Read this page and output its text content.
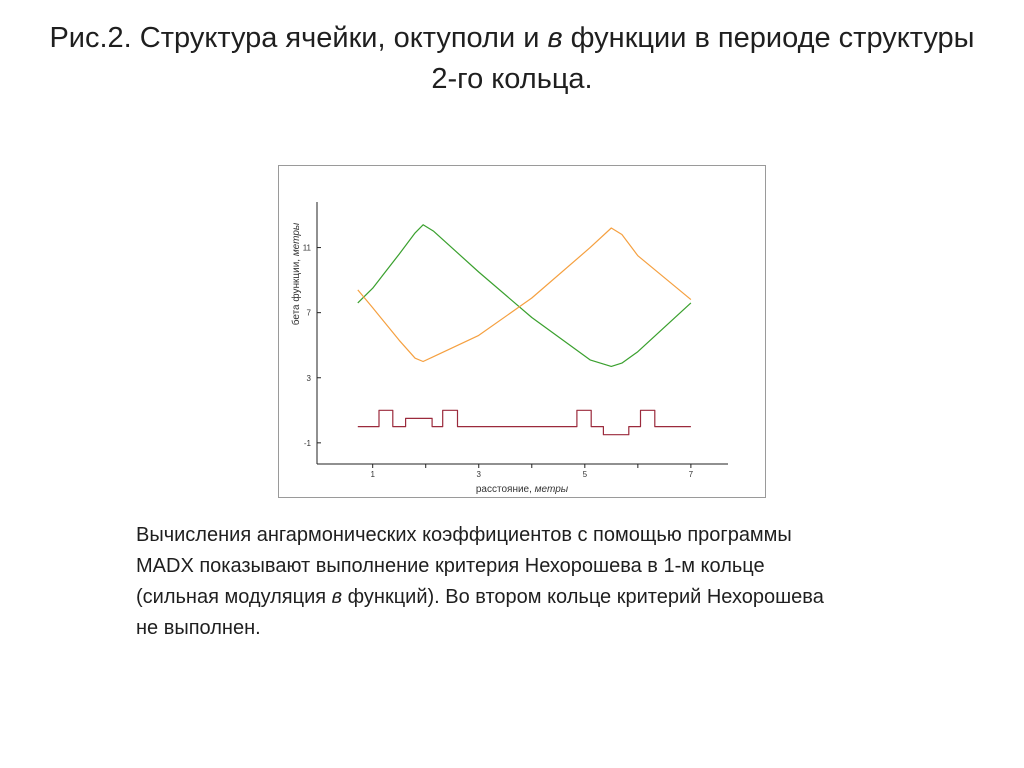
Рис.2. Структура ячейки, октуполи и в функции в периоде структуры 2-го кольца.
-1
3
7
11
1	3	5	7
расстояние, метры
бета функции, метры
Вычисления ангармонических коэффициентов с помощью программы MADX показывают выполнение критерия Нехорошева в 1-м кольце (сильная модуляция в функций). Во втором кольце критерий Нехорошева не выполнен.
